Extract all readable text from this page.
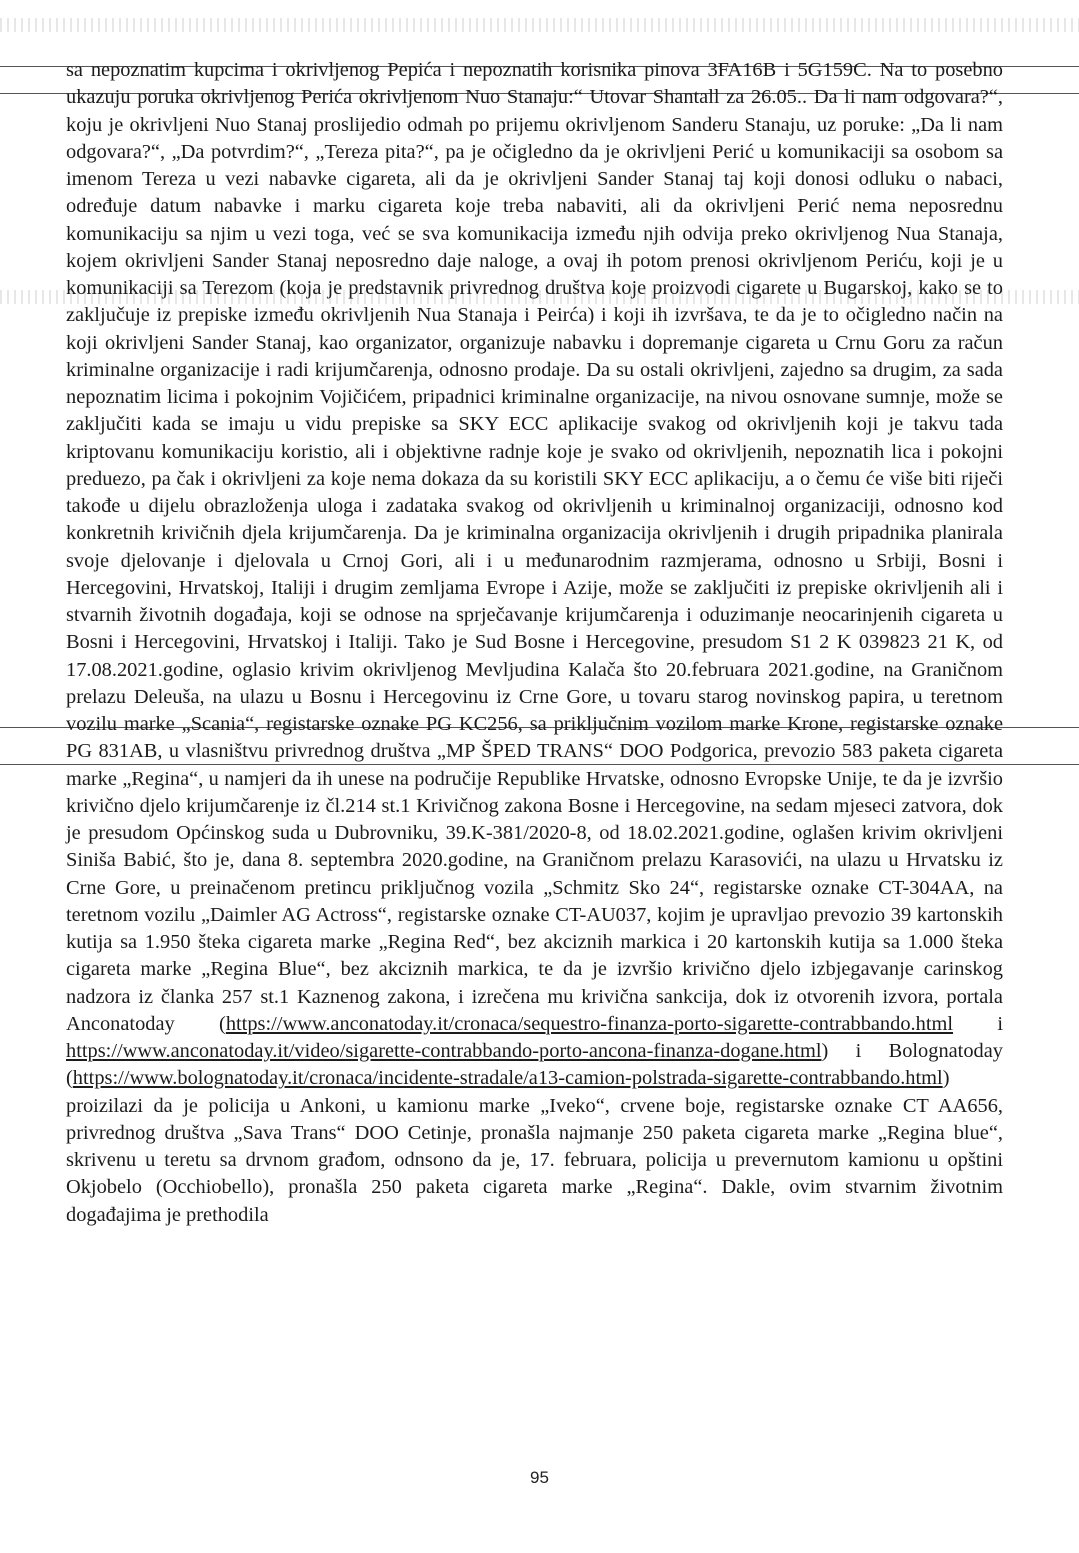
sa nepoznatim kupcima i okrivljenog Pepića i nepoznatih korisnika pinova 3FA16B i 5G159C. Na to posebno ukazuju poruka okrivljenog Perića okrivljenom Nuo Stanaju:“ Utovar Shantall za 26.05.. Da li nam odgovara?“, koju je okrivljeni Nuo Stanaj proslijedio odmah po prijemu okrivljenom Sanderu Stanaju, uz poruke: „Da li nam odgovara?“, „Da potvrdim?“, „Tereza pita?“, pa je očigledno da je okrivljeni Perić u komunikaciji sa osobom sa imenom Tereza u vezi nabavke cigareta, ali da je okrivljeni Sander Stanaj taj koji donosi odluku o nabaci, određuje datum nabavke i marku cigareta koje treba nabaviti, ali da okrivljeni Perić nema neposrednu komunikaciju sa njim u vezi toga, već se sva komunikacija između njih odvija preko okrivljenog Nua Stanaja, kojem okrivljeni Sander Stanaj neposredno daje naloge, a ovaj ih potom prenosi okrivljenom Periću, koji je u komunikaciji sa Terezom (koja je predstavnik privrednog društva koje proizvodi cigarete u Bugarskoj, kako se to zaključuje iz prepiske između okrivljenih Nua Stanaja i Peirća) i koji ih izvršava, te da je to očigledno način na koji okrivljeni Sander Stanaj, kao organizator, organizuje nabavku i dopremanje cigareta u Crnu Goru za račun kriminalne organizacije i radi krijumčarenja, odnosno prodaje. Da su ostali okrivljeni, zajedno sa drugim, za sada nepoznatim licima i pokojnim Vojičićem, pripadnici kriminalne organizacije, na nivou osnovane sumnje, može se zaključiti kada se imaju u vidu prepiske sa SKY ECC aplikacije svakog od okrivljenih koji je takvu tada kriptovanu komunikaciju koristio, ali i objektivne radnje koje je svako od okrivljenih, nepoznatih lica i pokojni preduezo, pa čak i okrivljeni za koje nema dokaza da su koristili SKY ECC aplikaciju, a o čemu će više biti riječi takođe u dijelu obrazloženja uloga i zadataka svakog od okrivljenih u kriminalnoj organizaciji, odnosno kod konkretnih krivičnih djela krijumčarenja. Da je kriminalna organizacija okrivljenih i drugih pripadnika planirala svoje djelovanje i djelovala u Crnoj Gori, ali i u međunarodnim razmjerama, odnosno u Srbiji, Bosni i Hercegovini, Hrvatskoj, Italiji i drugim zemljama Evrope i Azije, može se zaključiti iz prepiske okrivljenih ali i stvarnih životnih događaja, koji se odnose na sprječavanje krijumčarenja i oduzimanje neocarinjenih cigareta u Bosni i Hercegovini, Hrvatskoj i Italiji. Tako je Sud Bosne i Hercegovine, presudom S1 2 K 039823 21 K, od 17.08.2021.godine, oglasio krivim okrivljenog Mevljudina Kalača što 20.februara 2021.godine, na Graničnom prelazu Deleuša, na ulazu u Bosnu i Hercegovinu iz Crne Gore, u tovaru starog novinskog papira, u teretnom vozilu marke „Scania“, registarske oznake PG KC256, sa priključnim vozilom marke Krone, registarske oznake PG 831AB, u vlasništvu privrednog društva „MP ŠPED TRANS“ DOO Podgorica, prevozio 583 paketa cigareta marke „Regina“, u namjeri da ih unese na područije Republike Hrvatske, odnosno Evropske Unije, te da je izvršio krivično djelo krijumčarenje iz čl.214 st.1 Krivičnog zakona Bosne i Hercegovine, na sedam mjeseci zatvora, dok je presudom Općinskog suda u Dubrovniku, 39.K-381/2020-8, od 18.02.2021.godine, oglašen krivim okrivljeni Siniša Babić, što je, dana 8. septembra 2020.godine, na Graničnom prelazu Karasovići, na ulazu u Hrvatsku iz Crne Gore, u preinačenom pretincu priključnog vozila „Schmitz Sko 24“, registarske oznake CT-304AA, na teretnom vozilu „Daimler AG Actross“, registarske oznake CT-AU037, kojim je upravljao prevozio 39 kartonskih kutija sa 1.950 šteka cigareta marke „Regina Red“, bez akciznih markica i 20 kartonskih kutija sa 1.000 šteka cigareta marke „Regina Blue“, bez akciznih markica, te da je izvršio krivično djelo izbjegavanje carinskog nadzora iz članka 257 st.1 Kaznenog zakona, i izrečena mu krivična sankcija, dok iz otvorenih izvora, portala Anconatoday (https://www.anconatoday.it/cronaca/sequestro-finanza-porto-sigarette-contrabbando.html i https://www.anconatoday.it/video/sigarette-contrabbando-porto-ancona-finanza-dogane.html) i Bolognatoday (https://www.bolognatoday.it/cronaca/incidente-stradale/a13-camion-polstrada-sigarette-contrabbando.html) proizilazi da je policija u Ankoni, u kamionu marke „Iveko“, crvene boje, registarske oznake CT AA656, privrednog društva „Sava Trans“ DOO Cetinje, pronašla najmanje 250 paketa cigareta marke „Regina blue“, skrivenu u teretu sa drvnom građom, odnsono da je, 17. februara, policija u prevernutom kamionu u opštini Okjobelo (Occhiobello), pronašla 250 paketa cigareta marke „Regina“. Dakle, ovim stvarnim životnim događajima je prethodila

95
